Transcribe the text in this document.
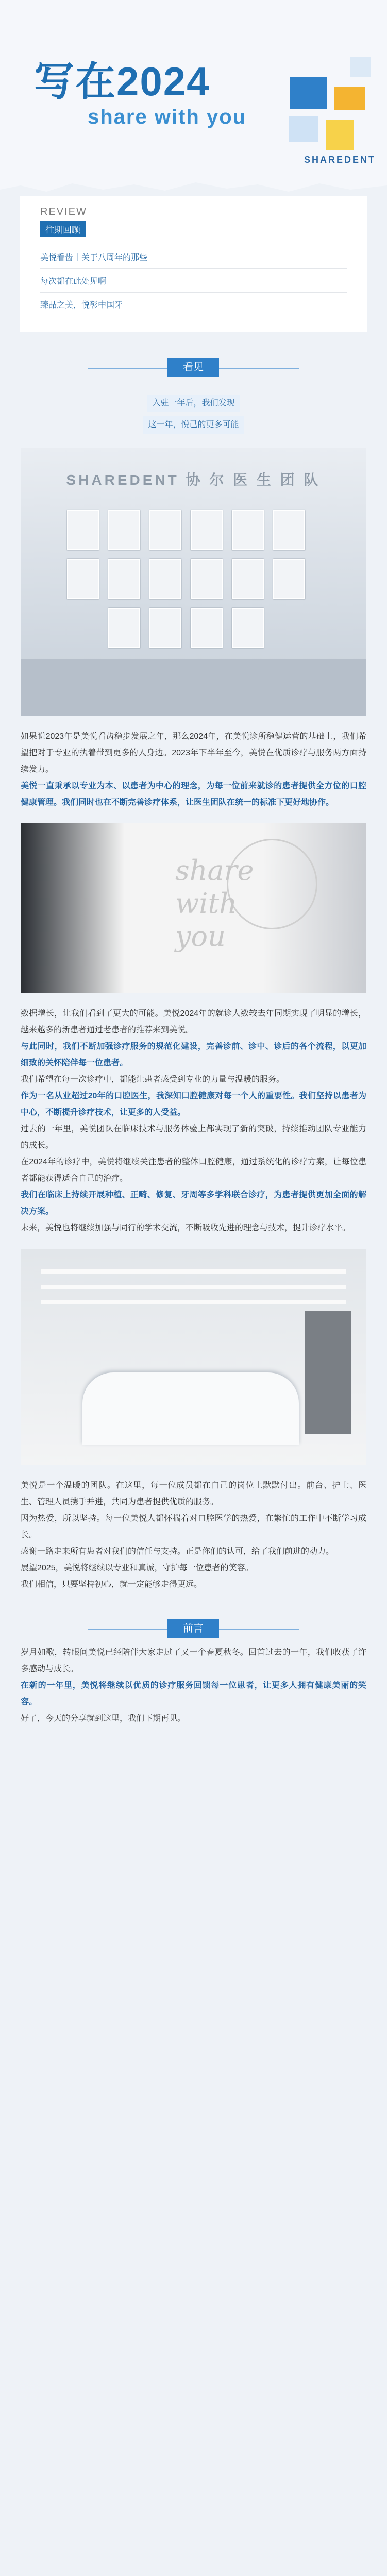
写在2024
share with you
SHAREDENT
REVIEW
往期回顾
美悦看齿｜关于八周年的那些
每次都在此处见啊
臻品之美，悦彰中国牙
看见
入驻一年后，我们发现
这一年，悦己的更多可能
SHAREDENT 协 尔 医 生 团 队

如果说2023年是美悦看齿稳步发展之年，那么2024年，在美悦诊所稳健运营的基础上，我们希望把对于专业的执着带到更多的人身边。2023年下半年至今，美悦在优质诊疗与服务两方面持续发力。

美悦一直秉承以专业为本、以患者为中心的理念，为每一位前来就诊的患者提供全方位的口腔健康管理。我们同时也在不断完善诊疗体系，让医生团队在统一的标准下更好地协作。

share
with
you

数据增长，让我们看到了更大的可能。美悦2024年的就诊人数较去年同期实现了明显的增长，越来越多的新患者通过老患者的推荐来到美悦。

与此同时，我们不断加强诊疗服务的规范化建设，完善诊前、诊中、诊后的各个流程，以更加细致的关怀陪伴每一位患者。

我们希望在每一次诊疗中，都能让患者感受到专业的力量与温暖的服务。

作为一名从业超过20年的口腔医生，我深知口腔健康对每一个人的重要性。我们坚持以患者为中心，不断提升诊疗技术，让更多的人受益。

过去的一年里，美悦团队在临床技术与服务体验上都实现了新的突破，持续推动团队专业能力的成长。

在2024年的诊疗中，美悦将继续关注患者的整体口腔健康，通过系统化的诊疗方案，让每位患者都能获得适合自己的治疗。

我们在临床上持续开展种植、正畸、修复、牙周等多学科联合诊疗，为患者提供更加全面的解决方案。

未来，美悦也将继续加强与同行的学术交流，不断吸收先进的理念与技术，提升诊疗水平。

美悦是一个温暖的团队。在这里，每一位成员都在自己的岗位上默默付出。前台、护士、医生、管理人员携手并进，共同为患者提供优质的服务。

因为热爱，所以坚持。每一位美悦人都怀揣着对口腔医学的热爱，在繁忙的工作中不断学习成长。

感谢一路走来所有患者对我们的信任与支持。正是你们的认可，给了我们前进的动力。

展望2025，美悦将继续以专业和真诚，守护每一位患者的笑容。

我们相信，只要坚持初心，就一定能够走得更远。

前言

岁月如歌，转眼间美悦已经陪伴大家走过了又一个春夏秋冬。回首过去的一年，我们收获了许多感动与成长。

在新的一年里，美悦将继续以优质的诊疗服务回馈每一位患者，让更多人拥有健康美丽的笑容。

好了，今天的分享就到这里，我们下期再见。
